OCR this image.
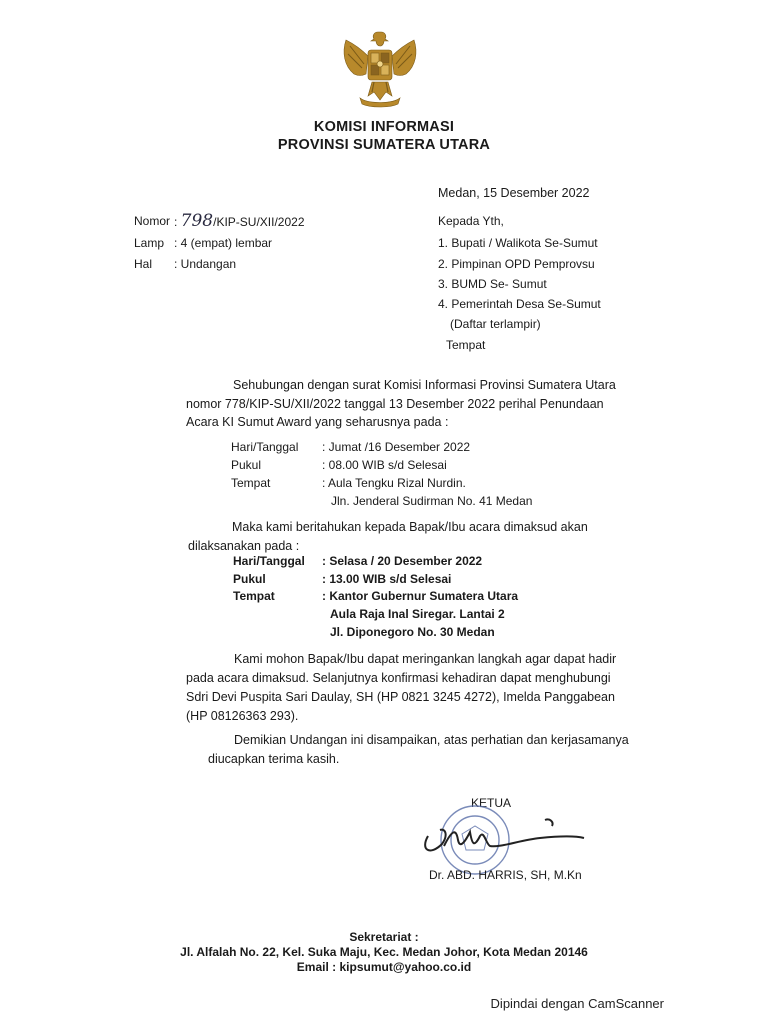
KOMISI INFORMASI
PROVINSI SUMATERA UTARA
Medan, 15 Desember 2022
Nomor : 798/KIP-SU/XII/2022
Lamp : 4 (empat) lembar
Hal : Undangan
Kepada Yth,
1. Bupati / Walikota Se-Sumut
2. Pimpinan OPD Pemprovsu
3. BUMD Se- Sumut
4. Pemerintah Desa Se-Sumut
(Daftar terlampir)
Tempat
Sehubungan dengan surat Komisi Informasi Provinsi Sumatera Utara
nomor 778/KIP-SU/XII/2022 tanggal 13 Desember 2022 perihal Penundaan
Acara KI Sumut Award yang seharusnya pada :
Hari/Tanggal : Jumat /16 Desember 2022
Pukul	: 08.00 WIB s/d Selesai
Tempat	: Aula Tengku Rizal Nurdin.
Jln. Jenderal Sudirman No. 41 Medan
Maka kami beritahukan kepada Bapak/Ibu acara dimaksud akan
dilaksanakan pada :
Hari/Tanggal : Selasa / 20 Desember 2022
Pukul	: 13.00 WIB s/d Selesai
Tempat	: Kantor Gubernur Sumatera Utara
Aula Raja Inal Siregar. Lantai 2
Jl. Diponegoro No. 30 Medan
Kami mohon Bapak/Ibu dapat meringankan langkah agar dapat hadir
pada acara dimaksud. Selanjutnya konfirmasi kehadiran dapat menghubungi
Sdri Devi Puspita Sari Daulay, SH (HP 0821 3245 4272), Imelda Panggabean
(HP 08126363 293).
Demikian Undangan ini disampaikan, atas perhatian dan kerjasamanya
diucapkan terima kasih.
KETUA
Dr. ABD. HARRIS, SH, M.Kn
Sekretariat :
Jl. Alfalah No. 22, Kel. Suka Maju, Kec. Medan Johor, Kota Medan 20146
Email : kipsumut@yahoo.co.id
Dipindai dengan CamScanner
